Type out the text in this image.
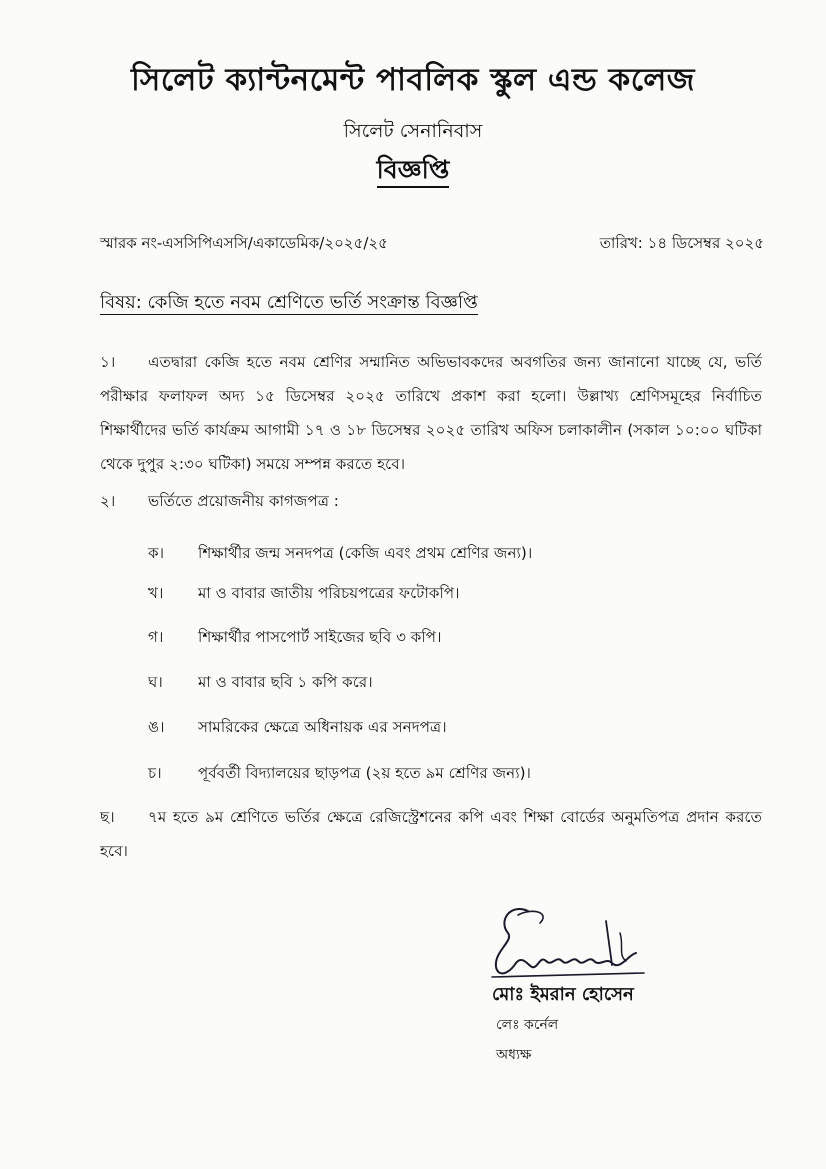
সিলেট ক্যান্টনমেন্ট পাবলিক স্কুল এন্ড কলেজ
সিলেট সেনানিবাস
বিজ্ঞপ্তি
স্মারক নং-এসসিপিএসসি/একাডেমিক/২০২৫/২৫	তারিখ: ১৪ ডিসেম্বর ২০২৫
বিষয়: কেজি হতে নবম শ্রেণিতে ভর্তি সংক্রান্ত বিজ্ঞপ্তি
১। এতদ্বারা কেজি হতে নবম শ্রেণির সম্মানিত অভিভাবকদের অবগতির জন্য জানানো যাচ্ছে যে, ভর্তি পরীক্ষার ফলাফল অদ্য ১৫ ডিসেম্বর ২০২৫ তারিখে প্রকাশ করা হলো। উল্লাখ্য শ্রেণিসমূহের নির্বাচিত শিক্ষার্থীদের ভর্তি কার্যক্রম আগামী ১৭ ও ১৮ ডিসেম্বর ২০২৫ তারিখ অফিস চলাকালীন (সকাল ১০:০০ ঘটিকা থেকে দুপুর ২:৩০ ঘটিকা) সময়ে সম্পন্ন করতে হবে।
২। ভর্তিতে প্রয়োজনীয় কাগজপত্র :
ক। শিক্ষার্থীর জন্ম সনদপত্র (কেজি এবং প্রথম শ্রেণির জন্য)।
খ। মা ও বাবার জাতীয় পরিচয়পত্রের ফটোকপি।
গ। শিক্ষার্থীর পাসপোর্ট সাইজের ছবি ৩ কপি।
ঘ। মা ও বাবার ছবি ১ কপি করে।
ঙ। সামরিকের ক্ষেত্রে অধিনায়ক এর সনদপত্র।
চ। পূর্ববর্তী বিদ্যালয়ের ছাড়পত্র (২য় হতে ৯ম শ্রেণির জন্য)।
ছ। ৭ম হতে ৯ম শ্রেণিতে ভর্তির ক্ষেত্রে রেজিস্ট্রেশনের কপি এবং শিক্ষা বোর্ডের অনুমতিপত্র প্রদান করতে হবে।
মোঃ ইমরান হোসেন
লেঃ কর্নেল
অধ্যক্ষ
